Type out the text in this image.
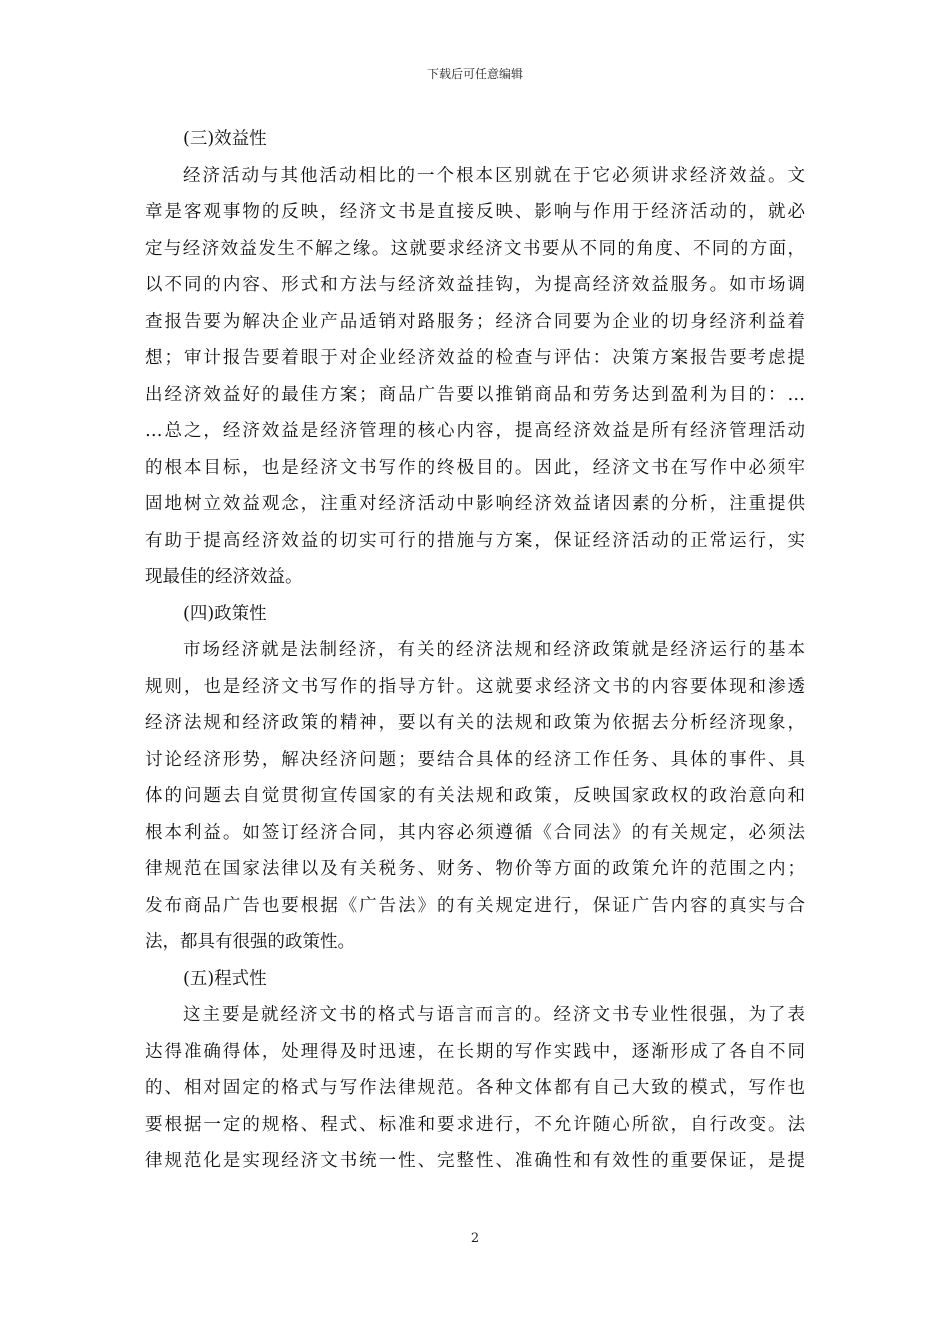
下载后可任意编辑
(三)效益性
经济活动与其他活动相比的一个根本区别就在于它必须讲求经济效益。文
章是客观事物的反映，经济文书是直接反映、影响与作用于经济活动的，就必
定与经济效益发生不解之缘。这就要求经济文书要从不同的角度、不同的方面，
以不同的内容、形式和方法与经济效益挂钩，为提高经济效益服务。如市场调
查报告要为解决企业产品适销对路服务；经济合同要为企业的切身经济利益着
想；审计报告要着眼于对企业经济效益的检查与评估：决策方案报告要考虑提
出经济效益好的最佳方案；商品广告要以推销商品和劳务达到盈利为目的：…
…总之，经济效益是经济管理的核心内容，提高经济效益是所有经济管理活动
的根本目标，也是经济文书写作的终极目的。因此，经济文书在写作中必须牢
固地树立效益观念，注重对经济活动中影响经济效益诸因素的分析，注重提供
有助于提高经济效益的切实可行的措施与方案，保证经济活动的正常运行，实
现最佳的经济效益。
(四)政策性
市场经济就是法制经济，有关的经济法规和经济政策就是经济运行的基本
规则，也是经济文书写作的指导方针。这就要求经济文书的内容要体现和渗透
经济法规和经济政策的精神，要以有关的法规和政策为依据去分析经济现象，
讨论经济形势，解决经济问题；要结合具体的经济工作任务、具体的事件、具
体的问题去自觉贯彻宣传国家的有关法规和政策，反映国家政权的政治意向和
根本利益。如签订经济合同，其内容必须遵循《合同法》的有关规定，必须法
律规范在国家法律以及有关税务、财务、物价等方面的政策允许的范围之内；
发布商品广告也要根据《广告法》的有关规定进行，保证广告内容的真实与合
法，都具有很强的政策性。
(五)程式性
这主要是就经济文书的格式与语言而言的。经济文书专业性很强，为了表
达得准确得体，处理得及时迅速，在长期的写作实践中，逐渐形成了各自不同
的、相对固定的格式与写作法律规范。各种文体都有自己大致的模式，写作也
要根据一定的规格、程式、标准和要求进行，不允许随心所欲，自行改变。法
律规范化是实现经济文书统一性、完整性、准确性和有效性的重要保证，是提
2
